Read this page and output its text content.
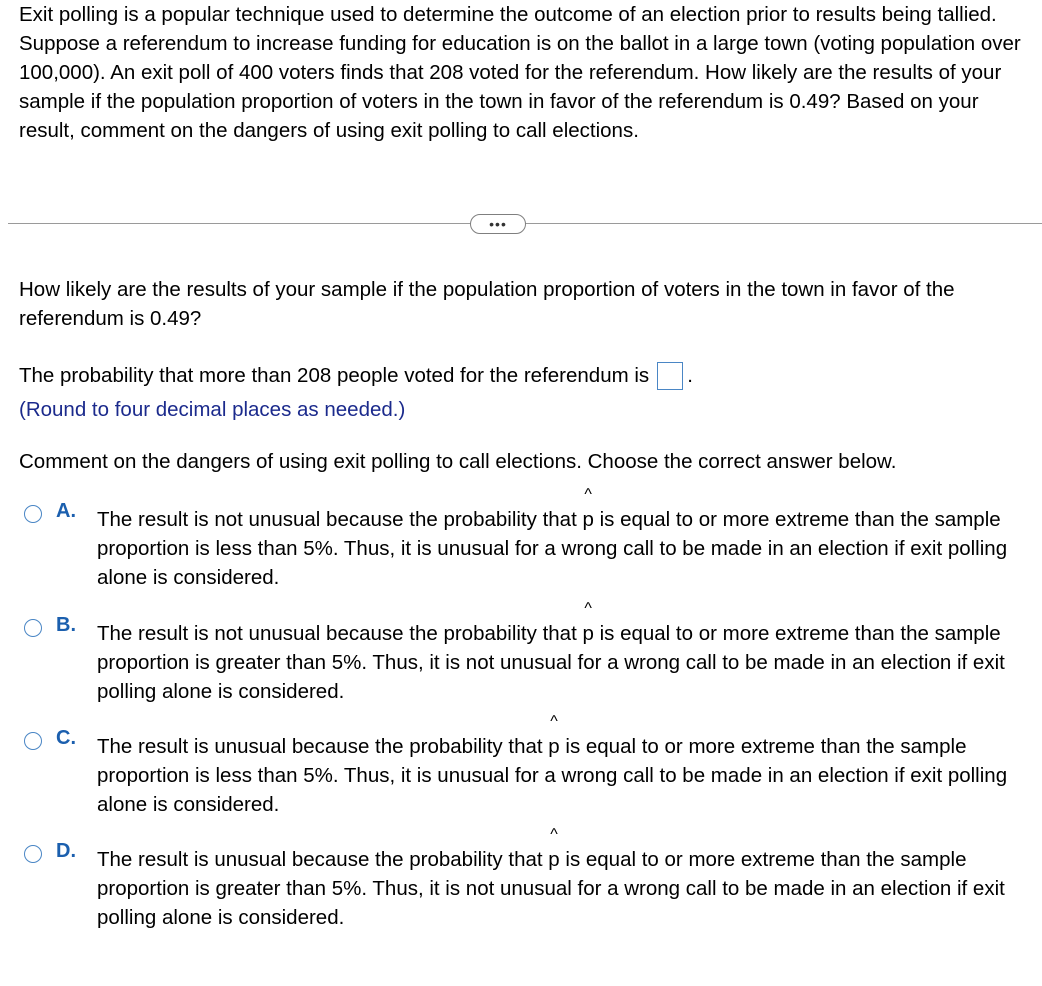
Exit polling is a popular technique used to determine the outcome of an election prior to results being tallied. Suppose a referendum to increase funding for education is on the ballot in a large town (voting population over 100,000). An exit poll of 400 voters finds that 208 voted for the referendum. How likely are the results of your sample if the population proportion of voters in the town in favor of the referendum is 0.49? Based on your result, comment on the dangers of using exit polling to call elections.
•••
How likely are the results of your sample if the population proportion of voters in the town in favor of the referendum is 0.49?
The probability that more than 208 people voted for the referendum is .
(Round to four decimal places as needed.)
Comment on the dangers of using exit polling to call elections. Choose the correct answer below.
A. The result is not unusual because the probability that
^
p is equal to or more extreme than the sample proportion is less than 5%. Thus, it is unusual for a wrong call to be made in an election if exit polling alone is considered.
B. The result is not unusual because the probability that
^
p is equal to or more extreme than the sample proportion is greater than 5%. Thus, it is not unusual for a wrong call to be made in an election if exit polling alone is considered.
C. The result is unusual because the probability that
^
p is equal to or more extreme than the sample proportion is less than 5%. Thus, it is unusual for a wrong call to be made in an election if exit polling alone is considered.
D. The result is unusual because the probability that
^
p is equal to or more extreme than the sample proportion is greater than 5%. Thus, it is not unusual for a wrong call to be made in an election if exit polling alone is considered.
